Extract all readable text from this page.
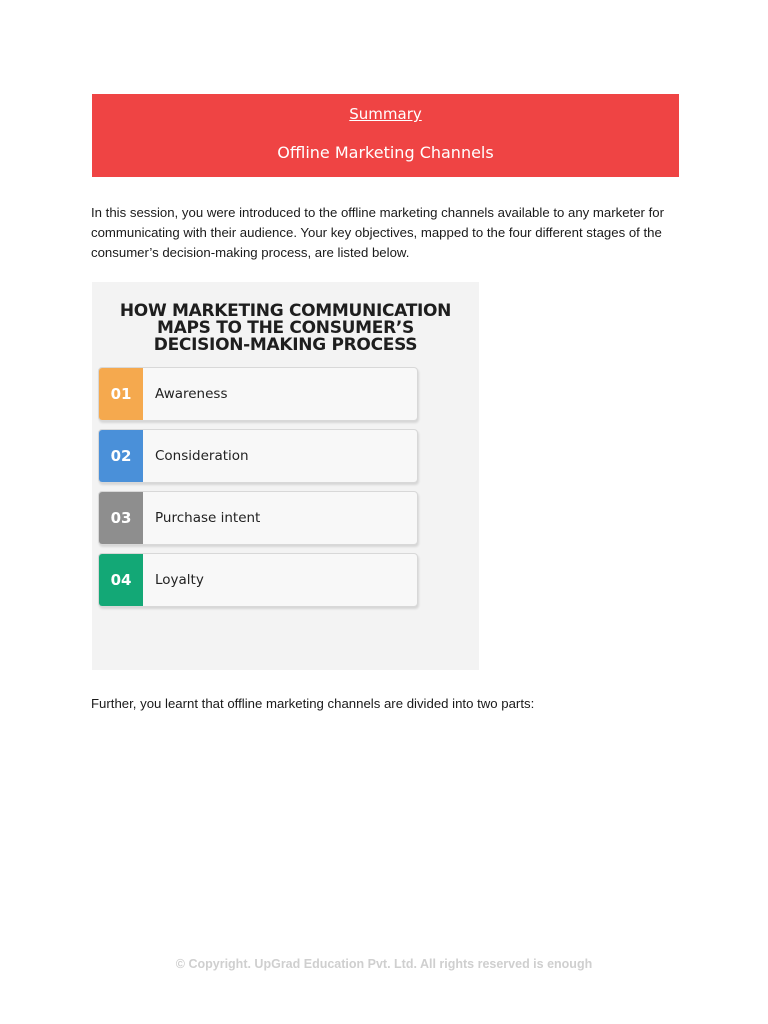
Summary
Offline Marketing Channels

In this session, you were introduced to the offline marketing channels available to any marketer for communicating with their audience. Your key objectives, mapped to the four different stages of the consumer’s decision-making process, are listed below.

HOW MARKETING COMMUNICATION
MAPS TO THE CONSUMER’S
DECISION-MAKING PROCESS
01	Awareness
02	Consideration
03	Purchase intent
04	Loyalty

Further, you learnt that offline marketing channels are divided into two parts:

© Copyright. UpGrad Education Pvt. Ltd. All rights reserved is enough
